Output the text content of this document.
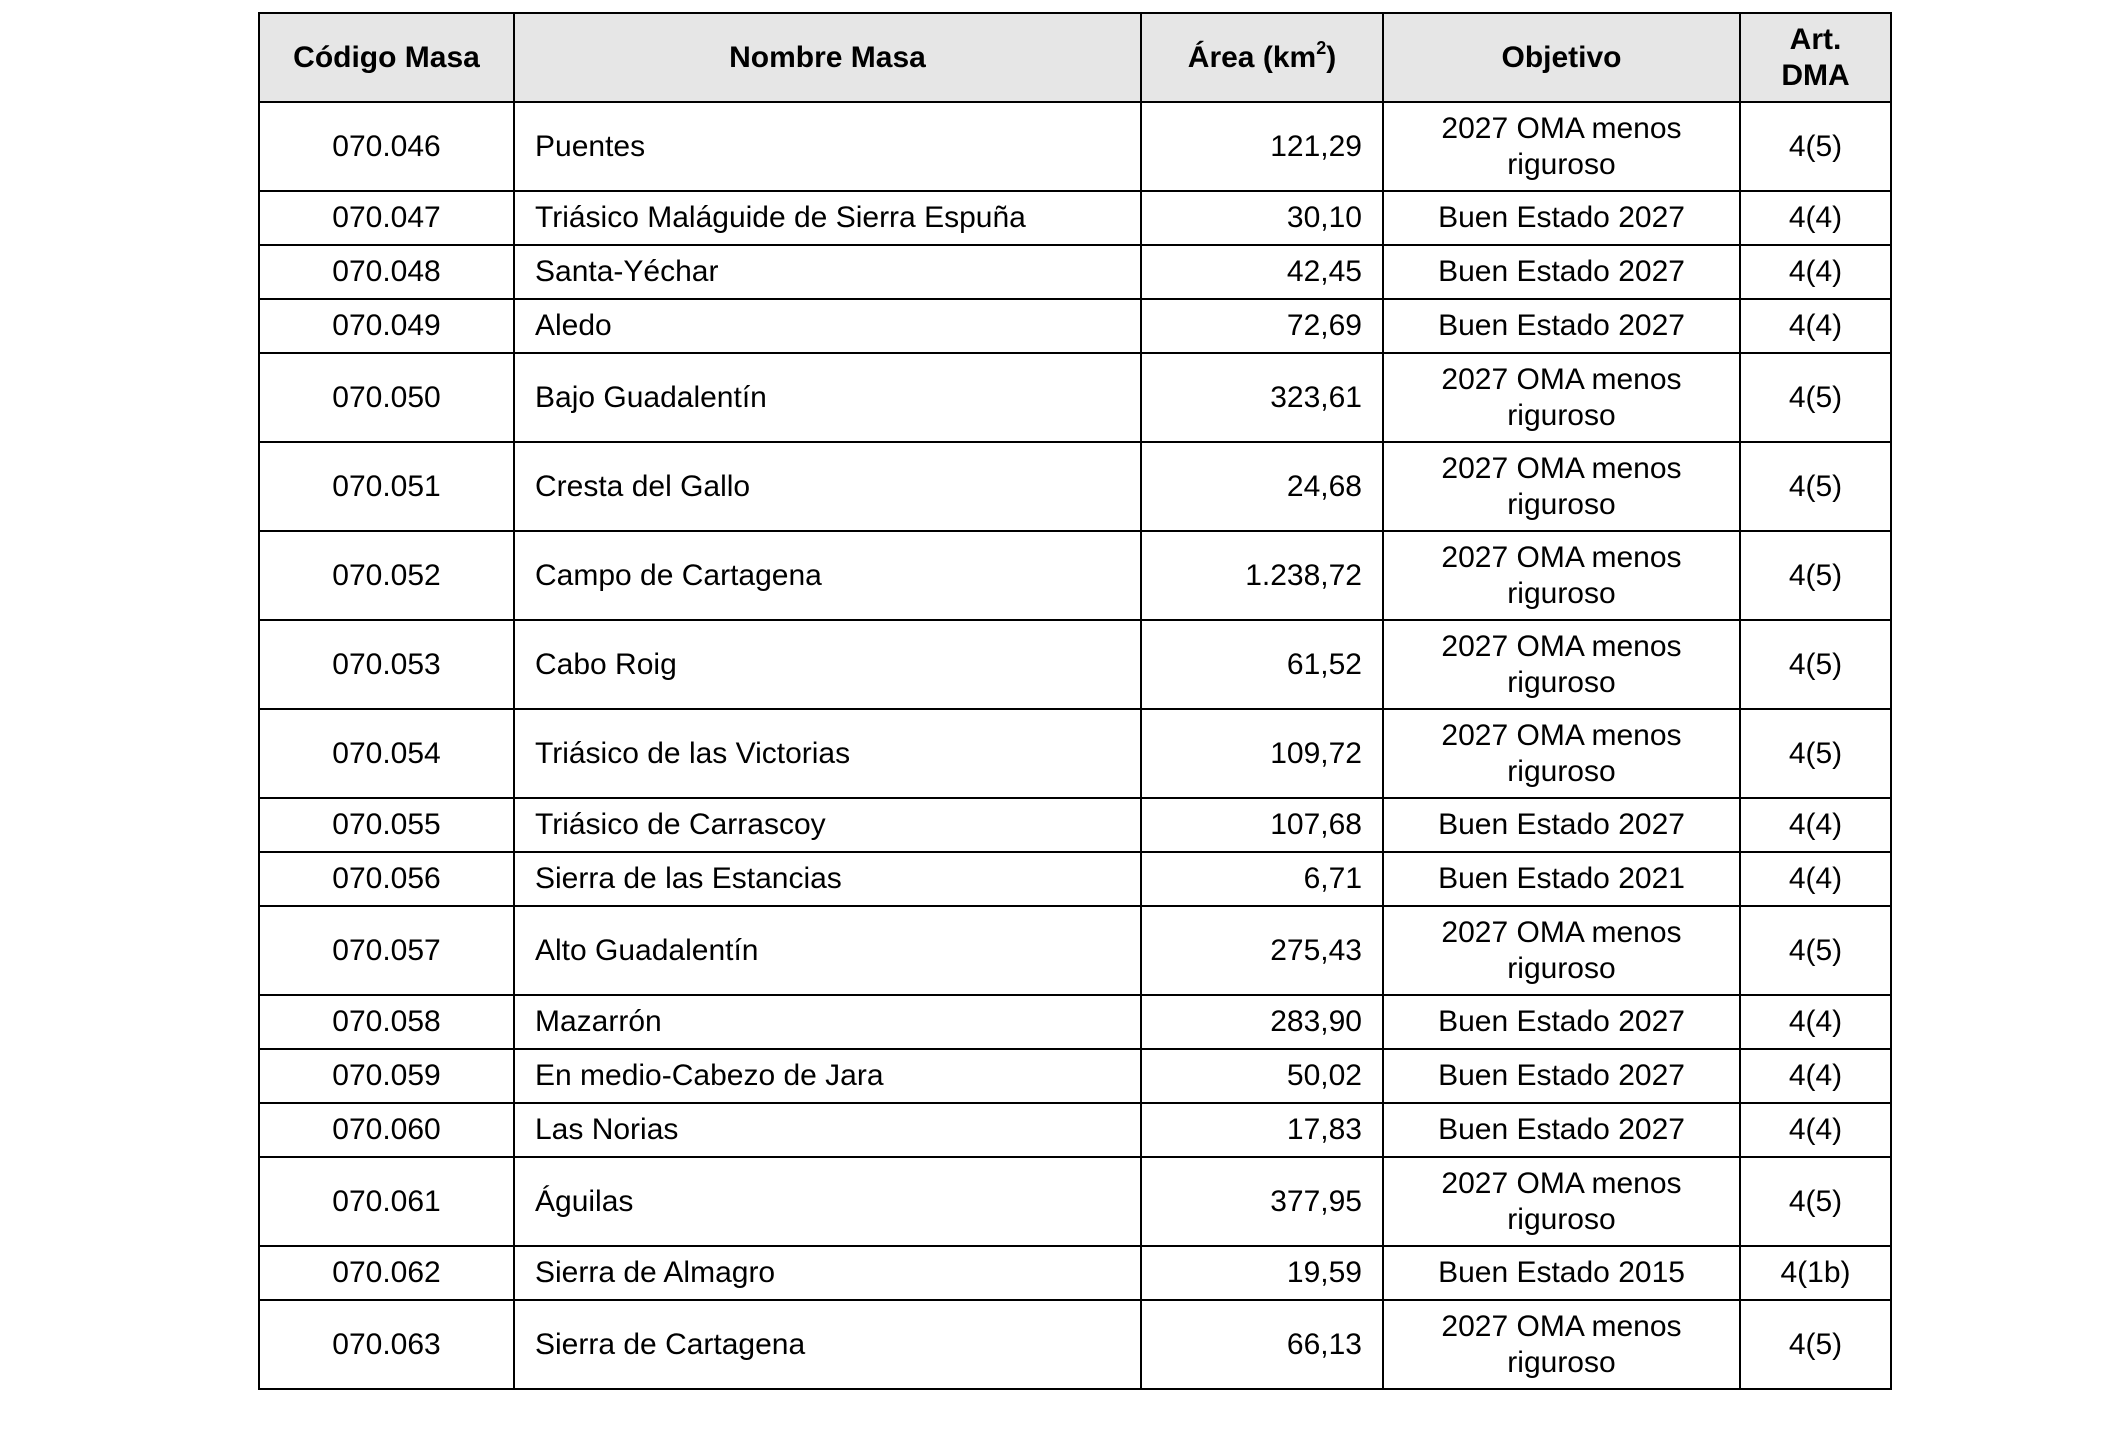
Código Masa	Nombre Masa	Área $(km^2)$	Objetivo	Art.
DMA

070.046	Puentes	121,29	2027 OMA menos
riguroso	4(5)
070.047	Triásico Maláguide de Sierra Espuña	30,10	Buen Estado 2027	4(4)
070.048	Santa-Yéchar	42,45	Buen Estado 2027	4(4)
070.049	Aledo	72,69	Buen Estado 2027	4(4)
070.050	Bajo Guadalentín	323,61	2027 OMA menos
riguroso	4(5)
070.051	Cresta del Gallo	24,68	2027 OMA menos
riguroso	4(5)
070.052	Campo de Cartagena	1.238,72	2027 OMA menos
riguroso	4(5)
070.053	Cabo Roig	61,52	2027 OMA menos
riguroso	4(5)
070.054	Triásico de las Victorias	109,72	2027 OMA menos
riguroso	4(5)
070.055	Triásico de Carrascoy	107,68	Buen Estado 2027	4(4)
070.056	Sierra de las Estancias	6,71	Buen Estado 2021	4(4)
070.057	Alto Guadalentín	275,43	2027 OMA menos
riguroso	4(5)
070.058	Mazarrón	283,90	Buen Estado 2027	4(4)
070.059	En medio-Cabezo de Jara	50,02	Buen Estado 2027	4(4)
070.060	Las Norias	17,83	Buen Estado 2027	4(4)
070.061	Águilas	377,95	2027 OMA menos
riguroso	4(5)
070.062	Sierra de Almagro	19,59	Buen Estado 2015	4(1b)
070.063	Sierra de Cartagena	66,13	2027 OMA menos
riguroso	4(5)
